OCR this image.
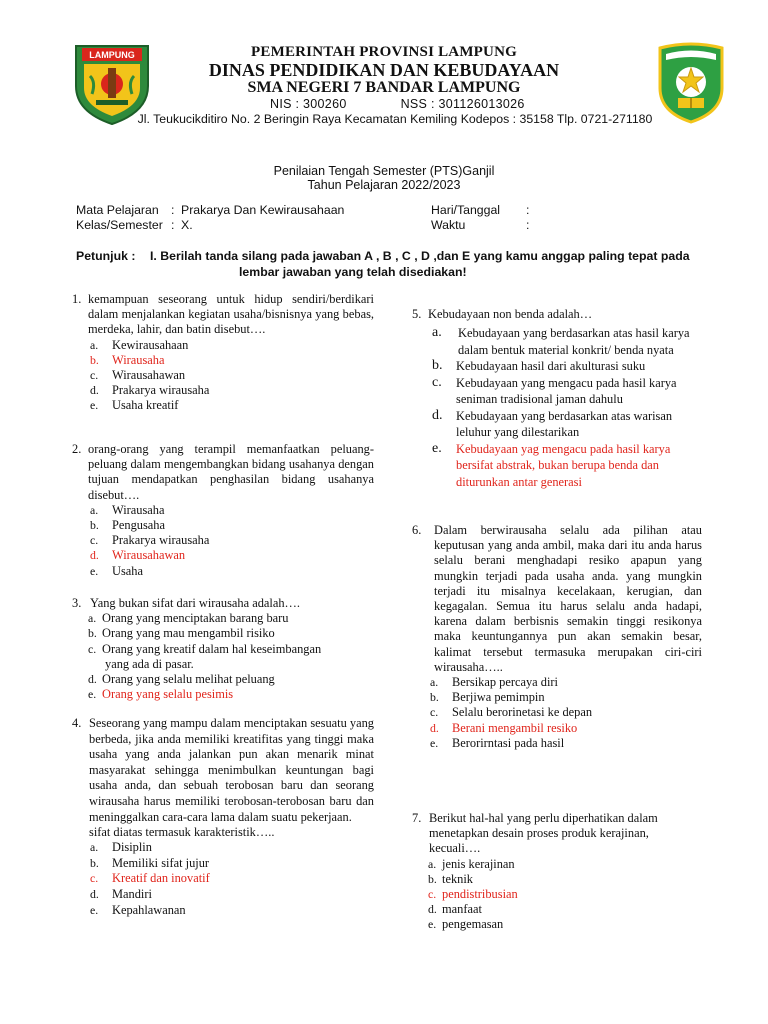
LAMPUNG	PEMERINTAH PROVINSI LAMPUNG
DINAS PENDIDIKAN DAN KEBUDAYAAN
SMA NEGERI 7 BANDAR LAMPUNG
NIS : 300260	NSS : 301126013026
Jl. Teukucikditiro No. 2 Beringin Raya Kecamatan Kemiling Kodepos : 35158 Tlp. 0721-271180
Penilaian Tengah Semester (PTS)Ganjil
Tahun Pelajaran 2022/2023
Mata Pelajaran : Prakarya Dan Kewirausahaan
Kelas/Semester : X.
Hari/Tanggal :
Waktu	:
Petunjuk : I. Berilah tanda silang pada jawaban A , B , C , D ,dan E yang kamu anggap paling tepat pada
lembar jawaban yang telah disediakan!
1. kemampuan seseorang untuk hidup sendiri/berdikari dalam menjalankan kegiatan usaha/bisnisnya yang bebas, merdeka, lahir, dan batin disebut….
a. Kewirausahaan
b. Wirausaha
c. Wirausahawan
d. Prakarya wirausaha
e. Usaha kreatif
2. orang-orang yang terampil memanfaatkan peluang-peluang dalam mengembangkan bidang usahanya dengan tujuan mendapatkan penghasilan bidang usahanya disebut….
a. Wirausaha
b. Pengusaha
c. Prakarya wirausaha
d. Wirausahawan
e. Usaha
3. Yang bukan sifat dari wirausaha adalah….
a. Orang yang menciptakan barang baru
b. Orang yang mau mengambil risiko
c. Orang yang kreatif dalam hal keseimbangan
yang ada di pasar.
d. Orang yang selalu melihat peluang
e. Orang yang selalu pesimis
4. Seseorang yang mampu dalam menciptakan sesuatu yang berbeda, jika anda memiliki kreatifitas yang tinggi maka usaha yang anda jalankan pun akan menarik minat masyarakat sehingga menimbulkan keuntungan bagi usaha anda, dan sebuah terobosan baru dan seorang wirausaha harus memiliki terobosan-terobosan baru dan meninggalkan cara-cara lama dalam suatu pekerjaan.
sifat diatas termasuk karakteristik…..
a. Disiplin
b. Memiliki sifat jujur
c. Kreatif dan inovatif
d. Mandiri
e. Kepahlawanan
5. Kebudayaan non benda adalah…
a. Kebudayaan yang berdasarkan atas hasil karya dalam bentuk material konkrit/ benda nyata
b. Kebudayaan hasil dari akulturasi suku
c. Kebudayaan yang mengacu pada hasil karya seniman tradisional jaman dahulu
d. Kebudayaan yang berdasarkan atas warisan leluhur yang dilestarikan
e. Kebudayaan yag mengacu pada hasil karya bersifat abstrak, bukan berupa benda dan diturunkan antar generasi
6.	Dalam berwirausaha selalu ada pilihan atau keputusan yang anda ambil, maka dari itu anda harus selalu berani menghadapi resiko apapun yang mungkin terjadi pada usaha anda. yang mungkin terjadi itu misalnya kecelakaan, kerugian, dan kegagalan. Semua itu harus selalu anda hadapi, karena dalam berbisnis semakin tinggi resikonya maka keuntungannya pun akan semakin besar, kalimat tersebut termasuka merupakan ciri-ciri wirausaha…..
a. Bersikap percaya diri
b. Berjiwa pemimpin
c. Selalu berorinetasi ke depan
d. Berani mengambil resiko
e. Berorirntasi pada hasil
7. Berikut hal-hal yang perlu diperhatikan dalam menetapkan desain proses produk kerajinan, kecuali….
a. jenis kerajinan
b. teknik
c. pendistribusian
d. manfaat
e. pengemasan
